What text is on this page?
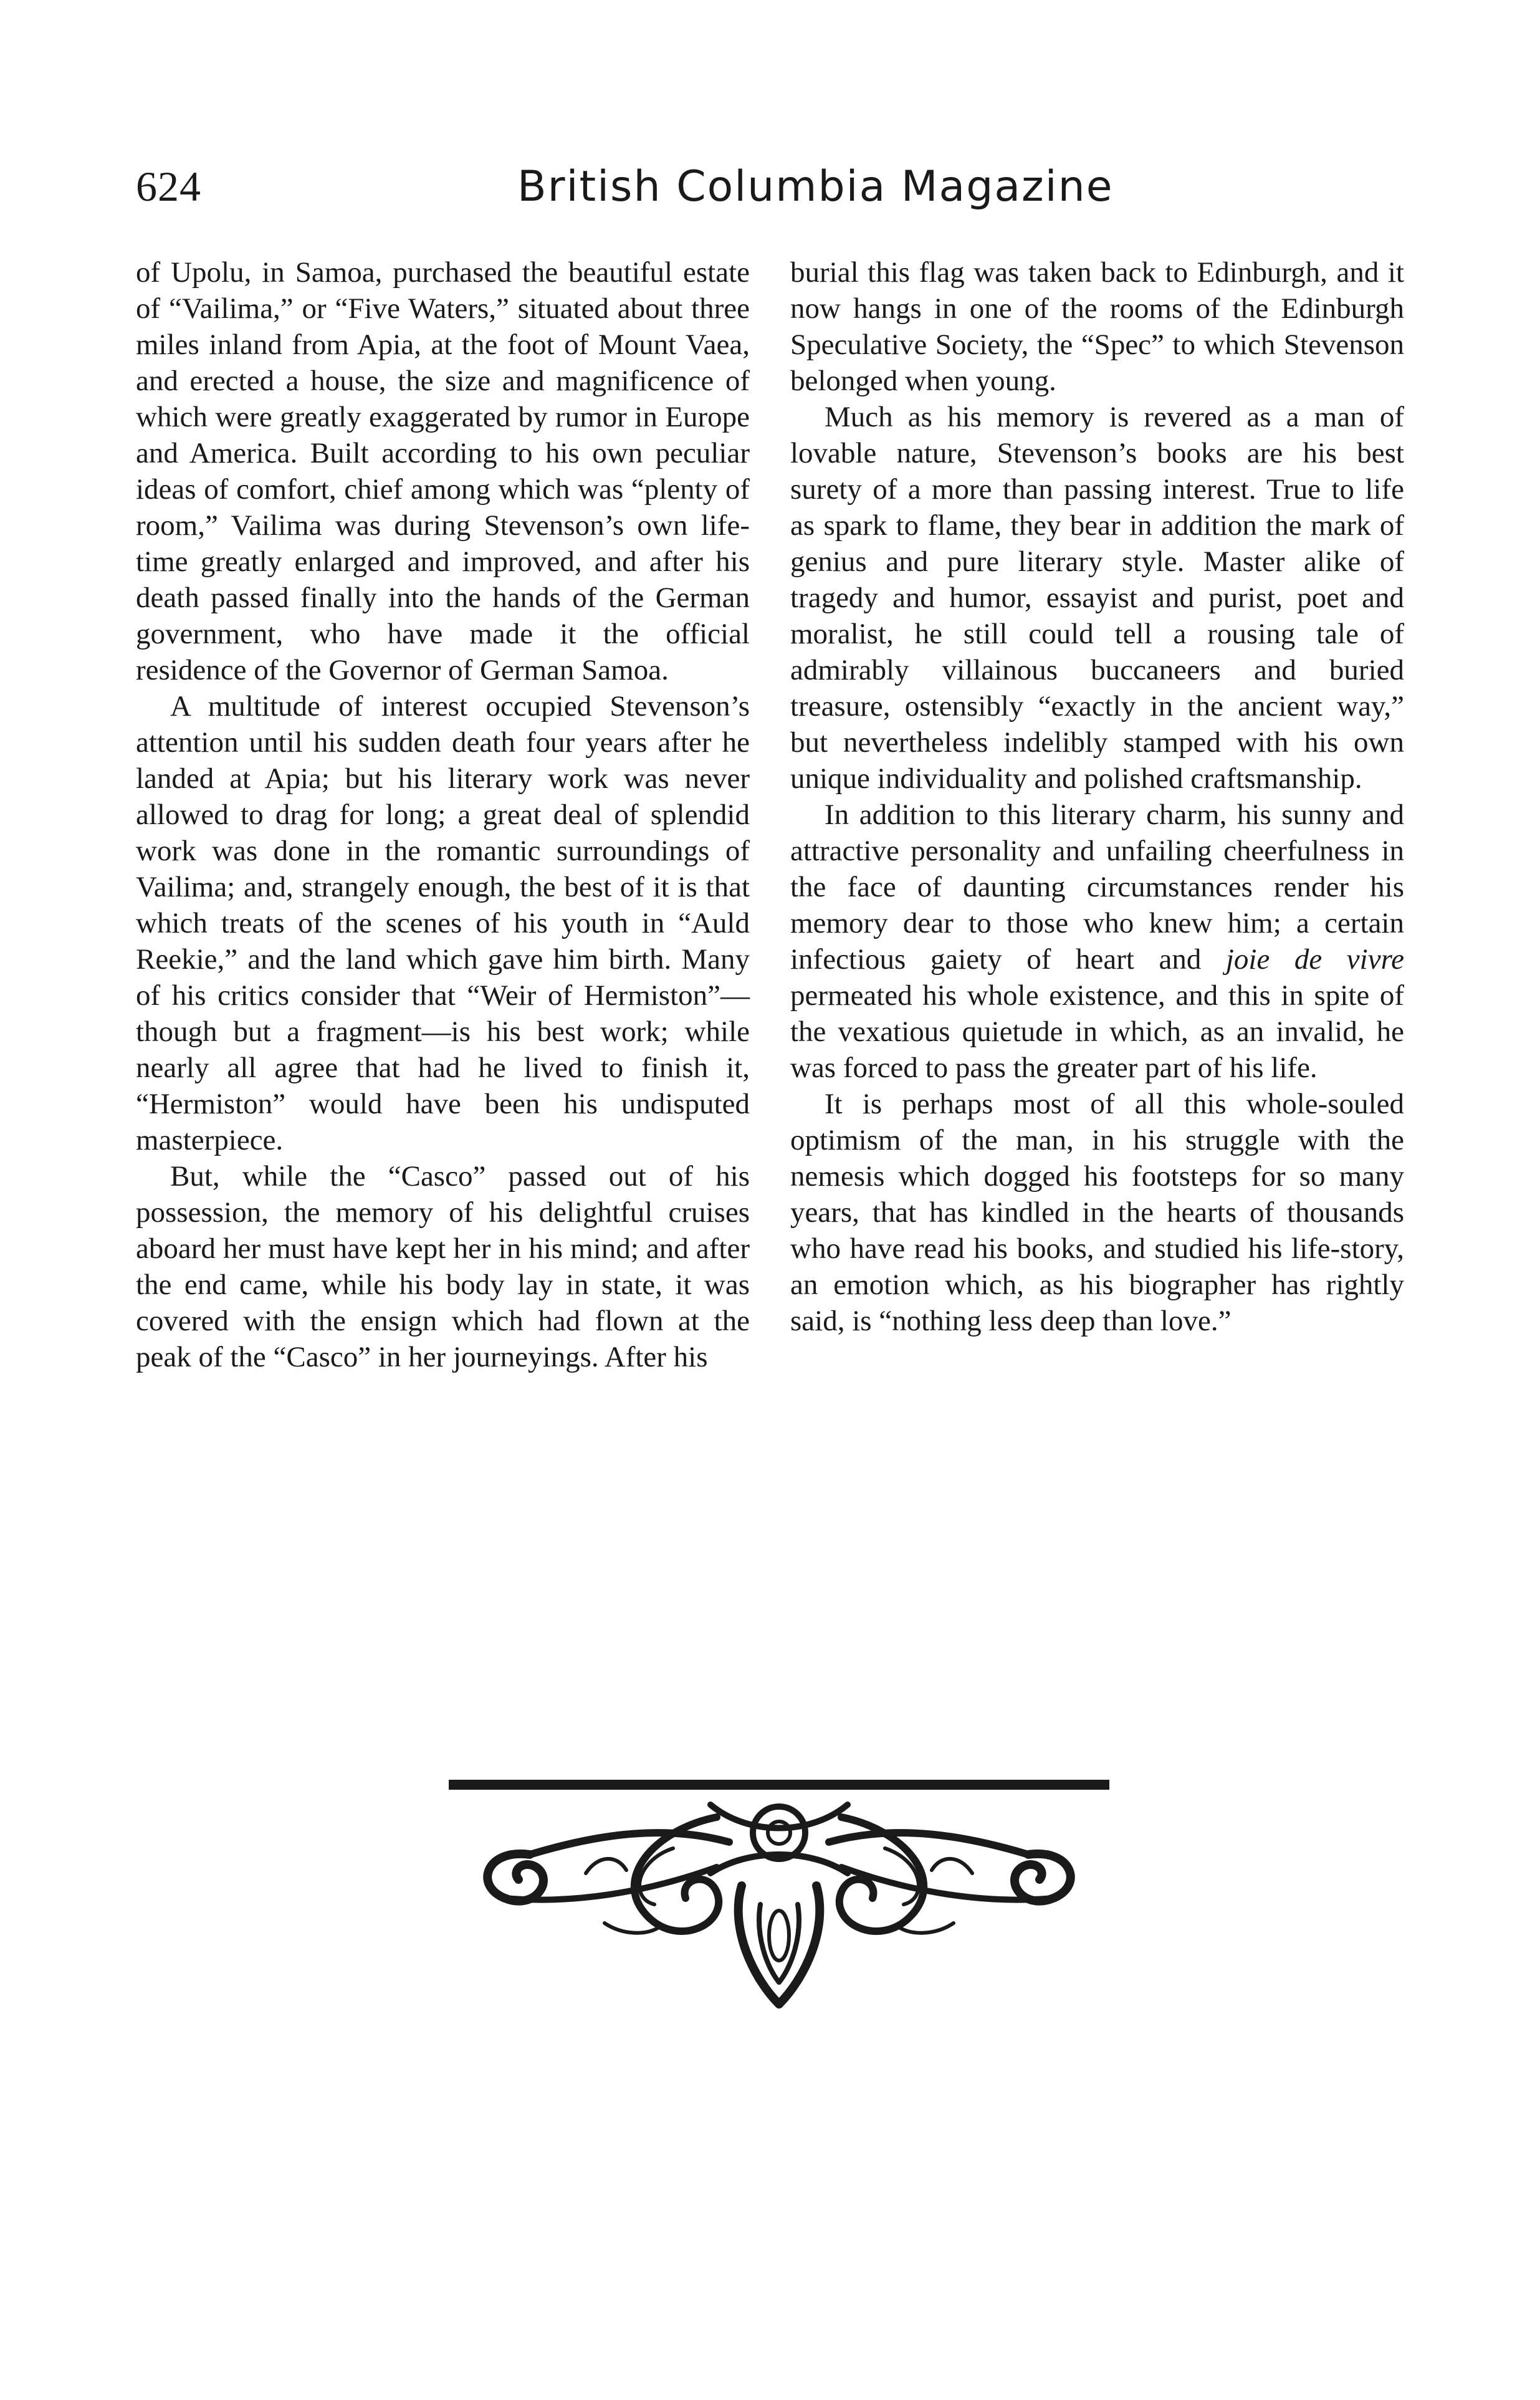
624	British Columbia Magazine

of Upolu, in Samoa, purchased the beautiful estate of “Vailima,” or “Five Waters,” situated about three miles inland from Apia, at the foot of Mount Vaea, and erected a house, the size and magnificence of which were greatly exaggerated by rumor in Europe and America. Built according to his own peculiar ideas of comfort, chief among which was “plenty of room,” Vailima was during Stevenson’s own life-time greatly enlarged and improved, and after his death passed finally into the hands of the German government, who have made it the official residence of the Governor of German Samoa.

A multitude of interest occupied Stevenson’s attention until his sudden death four years after he landed at Apia; but his literary work was never allowed to drag for long; a great deal of splendid work was done in the romantic surroundings of Vailima; and, strangely enough, the best of it is that which treats of the scenes of his youth in “Auld Reekie,” and the land which gave him birth. Many of his critics consider that “Weir of Hermiston”—though but a fragment—is his best work; while nearly all agree that had he lived to finish it, “Hermiston” would have been his undisputed masterpiece.

But, while the “Casco” passed out of his possession, the memory of his delightful cruises aboard her must have kept her in his mind; and after the end came, while his body lay in state, it was covered with the ensign which had flown at the peak of the “Casco” in her journeyings. After his

burial this flag was taken back to Edinburgh, and it now hangs in one of the rooms of the Edinburgh Speculative Society, the “Spec” to which Stevenson belonged when young.

Much as his memory is revered as a man of lovable nature, Stevenson’s books are his best surety of a more than passing interest. True to life as spark to flame, they bear in addition the mark of genius and pure literary style. Master alike of tragedy and humor, essayist and purist, poet and moralist, he still could tell a rousing tale of admirably villainous buccaneers and buried treasure, ostensibly “exactly in the ancient way,” but nevertheless indelibly stamped with his own unique individuality and polished craftsmanship.

In addition to this literary charm, his sunny and attractive personality and unfailing cheerfulness in the face of daunting circumstances render his memory dear to those who knew him; a certain infectious gaiety of heart and joie de vivre permeated his whole existence, and this in spite of the vexatious quietude in which, as an invalid, he was forced to pass the greater part of his life.

It is perhaps most of all this whole-souled optimism of the man, in his struggle with the nemesis which dogged his footsteps for so many years, that has kindled in the hearts of thousands who have read his books, and studied his life-story, an emotion which, as his biographer has rightly said, is “nothing less deep than love.”
